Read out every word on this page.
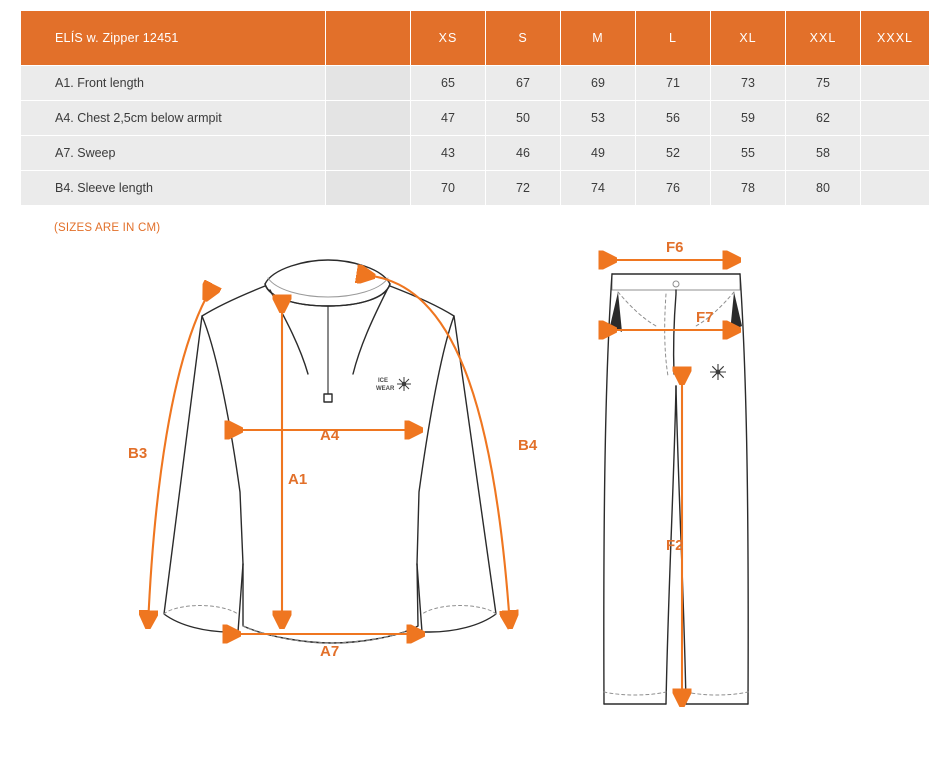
ELÍS w. Zipper 12451		XS	S	M	L	XL	XXL	XXXL
A1. Front length		65	67	69	71	73	75	
A4. Chest 2,5cm below armpit		47	50	53	56	59	62	
A7. Sweep		43	46	49	52	55	58	
B4. Sleeve length		70	72	74	76	78	80	
(SIZES ARE IN CM)
ICE
WEAR
B3
A4
A1
B4
A7
F6
F7
F2
